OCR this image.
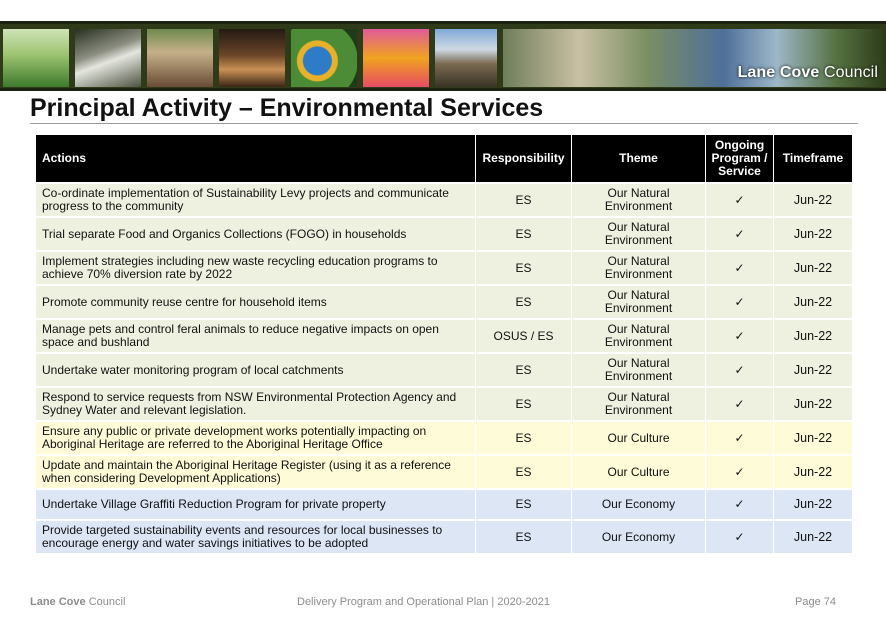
Lane Cove Council
Principal Activity – Environmental Services
Actions	Responsibility	Theme	Ongoing Program / Service	Timeframe
Co-ordinate implementation of Sustainability Levy projects and communicate progress to the community	ES	Our Natural Environment	✓	Jun-22
Trial separate Food and Organics Collections (FOGO) in households	ES	Our Natural Environment	✓	Jun-22
Implement strategies including new waste recycling education programs to achieve 70% diversion rate by 2022	ES	Our Natural Environment	✓	Jun-22
Promote community reuse centre for household items	ES	Our Natural Environment	✓	Jun-22
Manage pets and control feral animals to reduce negative impacts on open space and bushland	OSUS / ES	Our Natural Environment	✓	Jun-22
Undertake water monitoring program of local catchments	ES	Our Natural Environment	✓	Jun-22
Respond to service requests from NSW Environmental Protection Agency and Sydney Water and relevant legislation.	ES	Our Natural Environment	✓	Jun-22
Ensure any public or private development works potentially impacting on Aboriginal Heritage are referred to the Aboriginal Heritage Office	ES	Our Culture	✓	Jun-22
Update and maintain the Aboriginal Heritage Register (using it as a reference when considering Development Applications)	ES	Our Culture	✓	Jun-22
Undertake Village Graffiti Reduction Program for private property	ES	Our Economy	✓	Jun-22
Provide targeted sustainability events and resources for local businesses to encourage energy and water savings initiatives to be adopted	ES	Our Economy	✓	Jun-22
Lane Cove Council	Delivery Program and Operational Plan | 2020-2021	Page 74
